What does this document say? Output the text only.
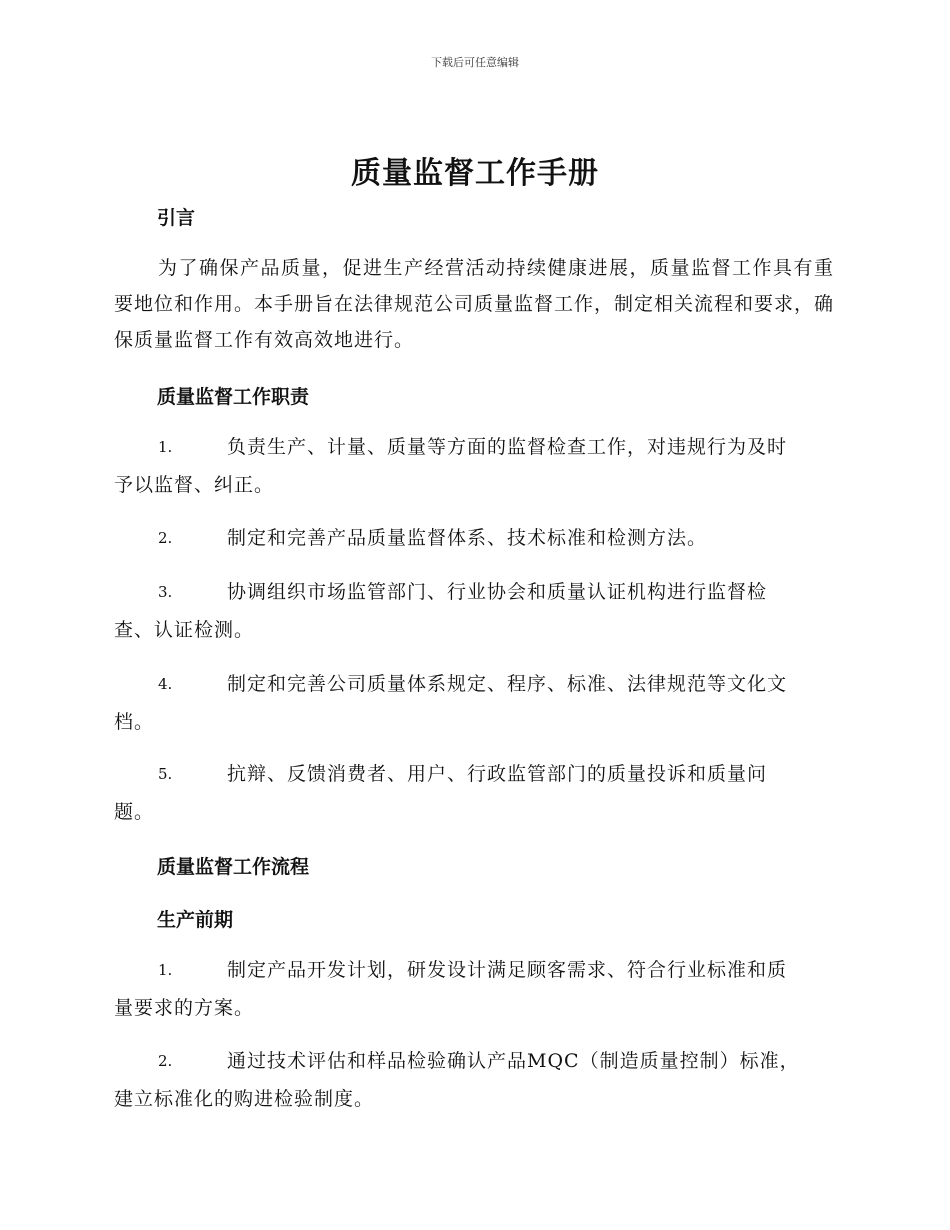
下载后可任意编辑
质量监督工作手册
引言
为了确保产品质量，促进生产经营活动持续健康进展，质量监督工作具有重要地位和作用。本手册旨在法律规范公司质量监督工作，制定相关流程和要求，确保质量监督工作有效高效地进行。
质量监督工作职责
1.	负责生产、计量、质量等方面的监督检查工作，对违规行为及时
予以监督、纠正。
2.	制定和完善产品质量监督体系、技术标准和检测方法。
3.	协调组织市场监管部门、行业协会和质量认证机构进行监督检
查、认证检测。
4.	制定和完善公司质量体系规定、程序、标准、法律规范等文化文
档。
5.	抗辩、反馈消费者、用户、行政监管部门的质量投诉和质量问
题。
质量监督工作流程
生产前期
1.	制定产品开发计划，研发设计满足顾客需求、符合行业标准和质
量要求的方案。
2.	通过技术评估和样品检验确认产品MQC（制造质量控制）标准，
建立标准化的购进检验制度。
